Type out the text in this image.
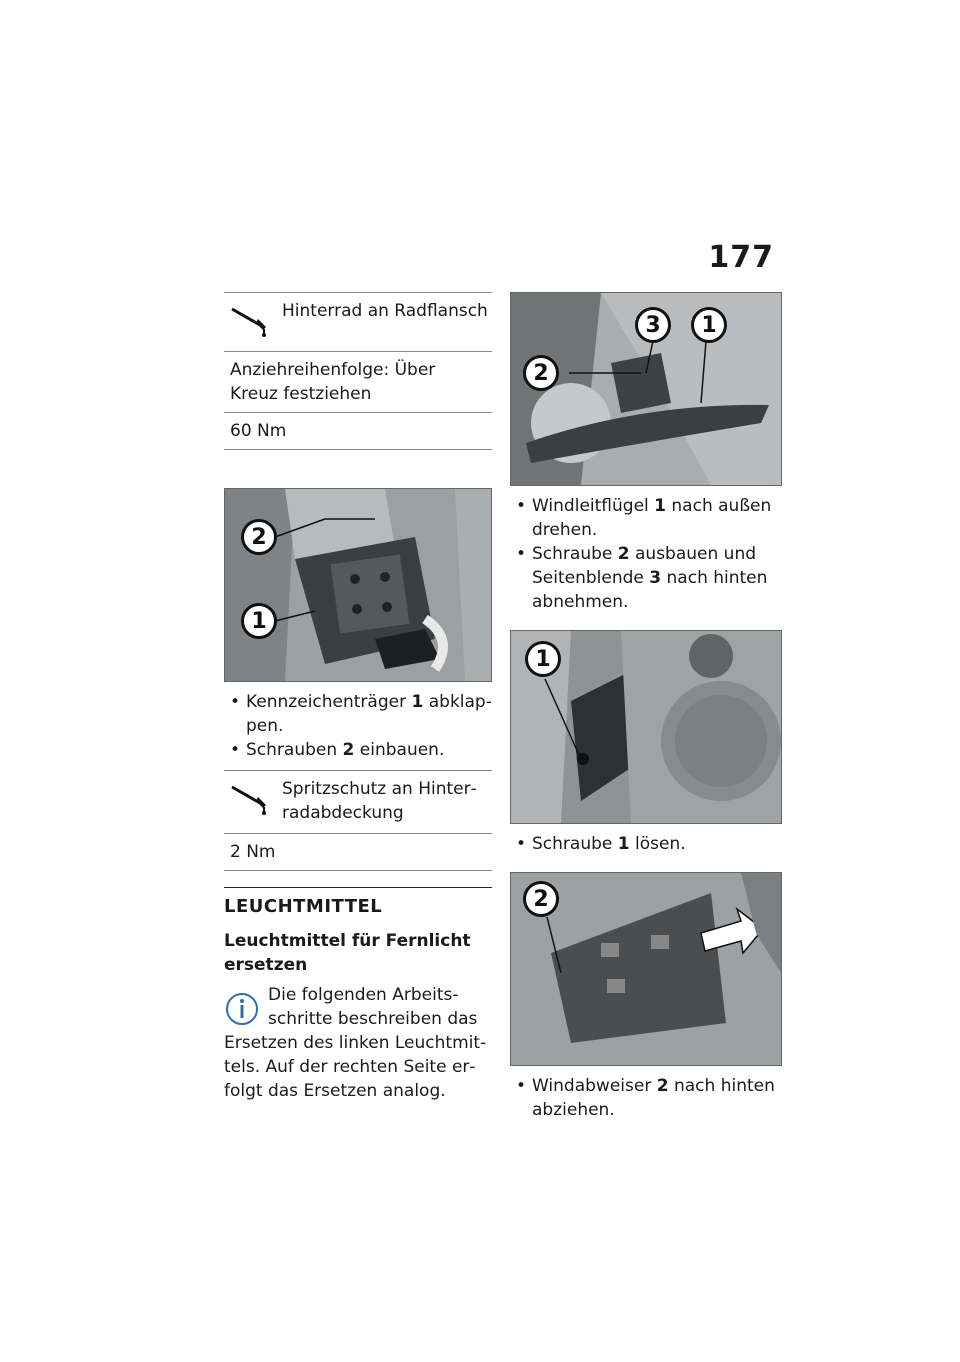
177
Hinterrad an Radflansch
Anziehreihenfolge: Über Kreuz festziehen
60 Nm
2
1
• Kennzeichenträger 1 abklappen.
• Schrauben 2 einbauen.
Spritzschutz an Hinterradabdeckung
2 Nm
LEUCHTMITTEL
Leuchtmittel für Fernlicht ersetzen
Die folgenden Arbeitsschritte beschreiben das Ersetzen des linken Leuchtmittels. Auf der rechten Seite erfolgt das Ersetzen analog.
3	1
2
• Windleitflügel 1 nach außen drehen.
• Schraube 2 ausbauen und Seitenblende 3 nach hinten abnehmen.
1
• Schraube 1 lösen.
2
• Windabweiser 2 nach hinten abziehen.
